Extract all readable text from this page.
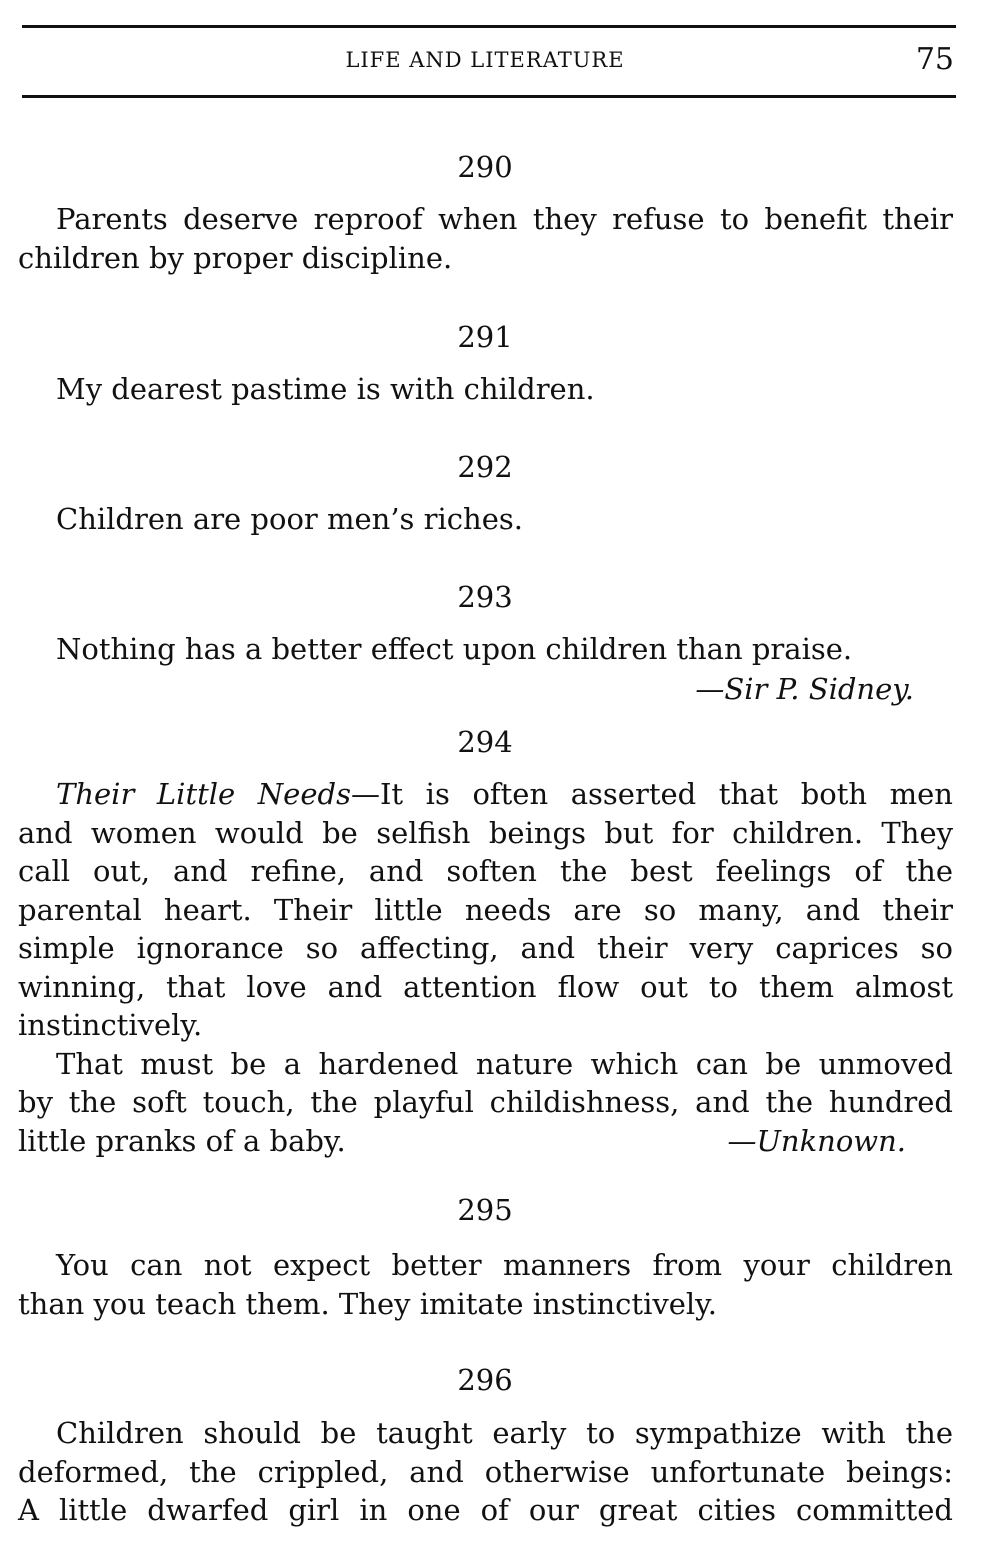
LIFE AND LITERATURE	75
290
Parents deserve reproof when they refuse to benefit their
children by proper discipline.
291
My dearest pastime is with children.
292
Children are poor men’s riches.
293
Nothing has a better effect upon children than praise.
—Sir P. Sidney.
294
Their Little Needs—It is often asserted that both men
and women would be selfish beings but for children. They
call out, and refine, and soften the best feelings of the
parental heart. Their little needs are so many, and their
simple ignorance so affecting, and their very caprices so
winning, that love and attention flow out to them almost
instinctively.
That must be a hardened nature which can be unmoved
by the soft touch, the playful childishness, and the hundred
little pranks of a baby.	—Unknown.
295
You can not expect better manners from your children
than you teach them. They imitate instinctively.
296
Children should be taught early to sympathize with the
deformed, the crippled, and otherwise unfortunate beings:
A little dwarfed girl in one of our great cities committed
